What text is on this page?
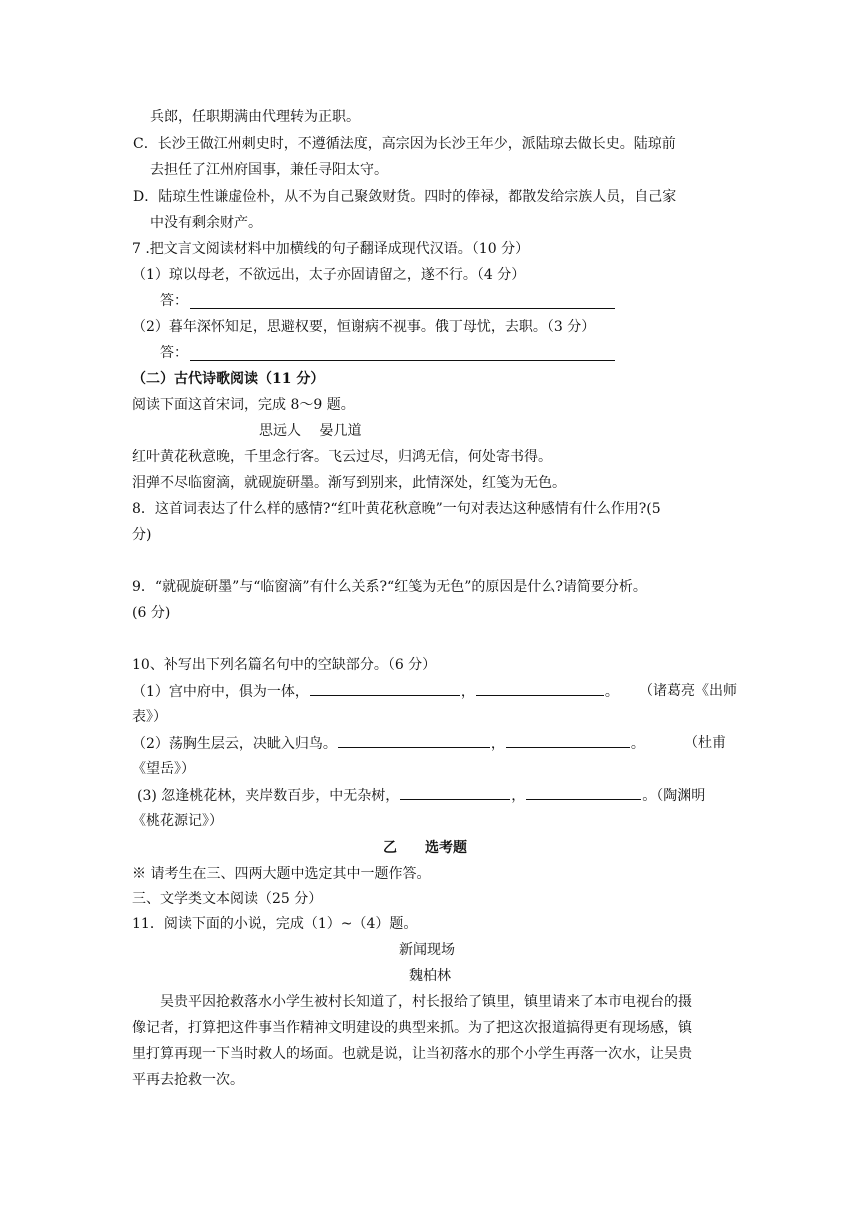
兵郎，任职期满由代理转为正职。
C．长沙王做江州刺史时，不遵循法度，高宗因为长沙王年少，派陆琼去做长史。陆琼前
去担任了江州府国事，兼任寻阳太守。
D．陆琼生性谦虚俭朴，从不为自己聚敛财货。四时的俸禄，都散发给宗族人员，自己家
中没有剩余财产。
7 .把文言文阅读材料中加横线的句子翻译成现代汉语。（10 分）
（1）琼以母老，不欲远出，太子亦固请留之，遂不行。（4 分）
答：
（2）暮年深怀知足，思避权要，恒谢病不视事。俄丁母忧，去职。（3 分）
答：
（二）古代诗歌阅读（11 分）
阅读下面这首宋词，完成 8～9 题。
思远人　 晏几道
红叶黄花秋意晚，千里念行客。飞云过尽，归鸿无信，何处寄书得。
泪弹不尽临窗滴，就砚旋研墨。渐写到别来，此情深处，红笺为无色。
8．这首词表达了什么样的感情?“红叶黄花秋意晚”一句对表达这种感情有什么作用?(5
分)
9．“就砚旋研墨”与“临窗滴”有什么关系?“红笺为无色”的原因是什么?请简要分析。
(6 分)
10、补写出下列名篇名句中的空缺部分。（6 分）
（1）宫中府中，俱为一体，	，	。 （诸葛亮《出师
表》）
（2）荡胸生层云，决眦入归鸟。	，	。	（杜甫
《望岳》）
(3) 忽逢桃花林，夹岸数百步，中无杂树，	，	。（陶渊明
《桃花源记》）
乙　　选考题
※ 请考生在三、四两大题中选定其中一题作答。
三、文学类文本阅读（25 分）
11．阅读下面的小说，完成（1）~（4）题。
新闻现场
魏柏林
吴贵平因抢救落水小学生被村长知道了，村长报给了镇里，镇里请来了本市电视台的摄
像记者，打算把这件事当作精神文明建设的典型来抓。为了把这次报道搞得更有现场感，镇
里打算再现一下当时救人的场面。也就是说，让当初落水的那个小学生再落一次水，让吴贵
平再去抢救一次。
